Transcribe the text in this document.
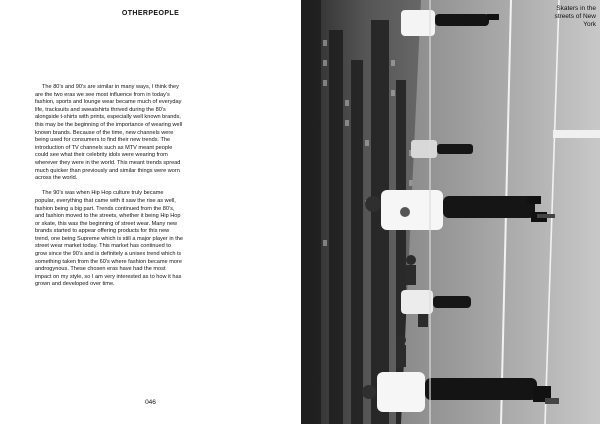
OTHERPEOPLE

The 80’s and 90’s are similar in many ways, I think they are the two eras we see most influence from in today’s fashion, sports and lounge wear became much of everyday life, tracksuits and sweatshirts thrived during the 80’s alongside t-shirts with prints, especially well known brands, this may be the beginning of the importance of wearing well known brands. Because of the time, new channels were being used for consumers to find their new trends. The introduction of TV channels such as MTV meant people could see what their celebrity idols were wearing from wherever they were in the world. This meant trends spread much quicker than previously and similar things were worn across the world.

The 90’s was when Hip Hop culture truly became popular, everything that came with it saw the rise as well, fashion being a big part. Trends continued from the 80’s, and fashion moved to the streets, whether it being Hip Hop or skate, this was the beginning of street wear. Many new brands started to appear offering products for this new trend, one being Supreme which is still a major player in the street wear market today. This market has continued to grow since the 90’s and is definitely a unisex trend which is something taken from the 60’s where fashion became more androgynous. These chosen eras have had the most impact on my style, so I am very interested as to how it has grown and developed over time.

046
Skaters in the streets of New York
